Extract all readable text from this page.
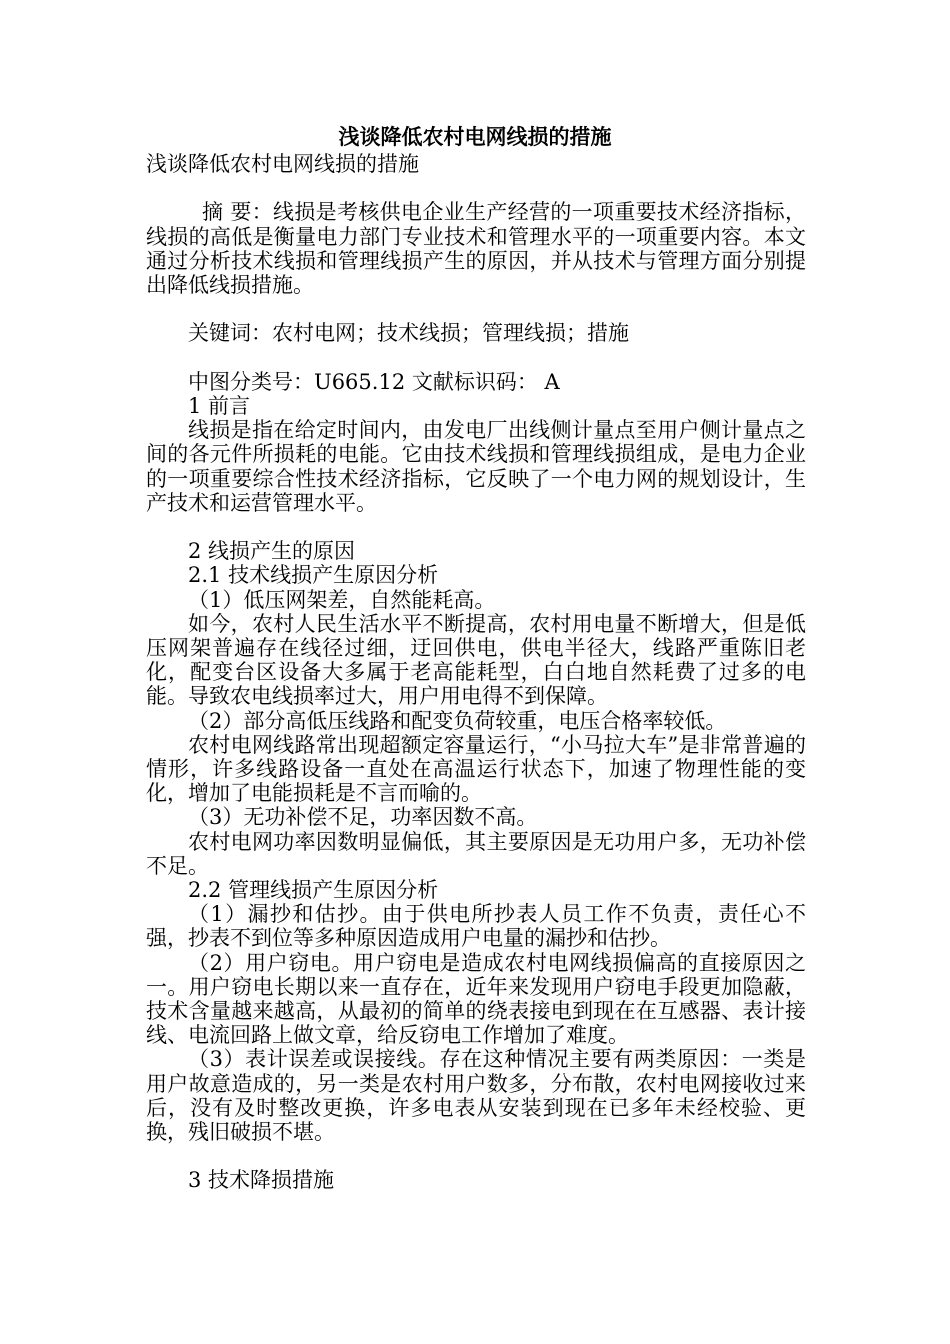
浅谈降低农村电网线损的措施

浅谈降低农村电网线损的措施

摘 要：线损是考核供电企业生产经营的一项重要技术经济指标，线损的高低是衡量电力部门专业技术和管理水平的一项重要内容。本文通过分析技术线损和管理线损产生的原因，并从技术与管理方面分别提出降低线损措施。

关键词：农村电网；技术线损；管理线损；措施

中图分类号：U665.12 文献标识码： A

1 前言

线损是指在给定时间内，由发电厂出线侧计量点至用户侧计量点之间的各元件所损耗的电能。它由技术线损和管理线损组成，是电力企业的一项重要综合性技术经济指标，它反映了一个电力网的规划设计，生产技术和运营管理水平。

2 线损产生的原因

2.1 技术线损产生原因分析

（1）低压网架差，自然能耗高。

如今，农村人民生活水平不断提高，农村用电量不断增大，但是低压网架普遍存在线径过细，迂回供电，供电半径大，线路严重陈旧老化，配变台区设备大多属于老高能耗型，白白地自然耗费了过多的电能。导致农电线损率过大，用户用电得不到保障。

（2）部分高低压线路和配变负荷较重，电压合格率较低。

农村电网线路常出现超额定容量运行，“小马拉大车”是非常普遍的情形，许多线路设备一直处在高温运行状态下，加速了物理性能的变化，增加了电能损耗是不言而喻的。

（3）无功补偿不足，功率因数不高。

农村电网功率因数明显偏低，其主要原因是无功用户多，无功补偿不足。

2.2 管理线损产生原因分析

（1）漏抄和估抄。由于供电所抄表人员工作不负责，责任心不强，抄表不到位等多种原因造成用户电量的漏抄和估抄。

（2）用户窃电。用户窃电是造成农村电网线损偏高的直接原因之一。用户窃电长期以来一直存在，近年来发现用户窃电手段更加隐蔽，技术含量越来越高，从最初的简单的绕表接电到现在在互感器、表计接线、电流回路上做文章，给反窃电工作增加了难度。

（3）表计误差或误接线。存在这种情况主要有两类原因：一类是用户故意造成的，另一类是农村用户数多，分布散，农村电网接收过来后，没有及时整改更换，许多电表从安装到现在已多年未经校验、更换，残旧破损不堪。

3 技术降损措施
